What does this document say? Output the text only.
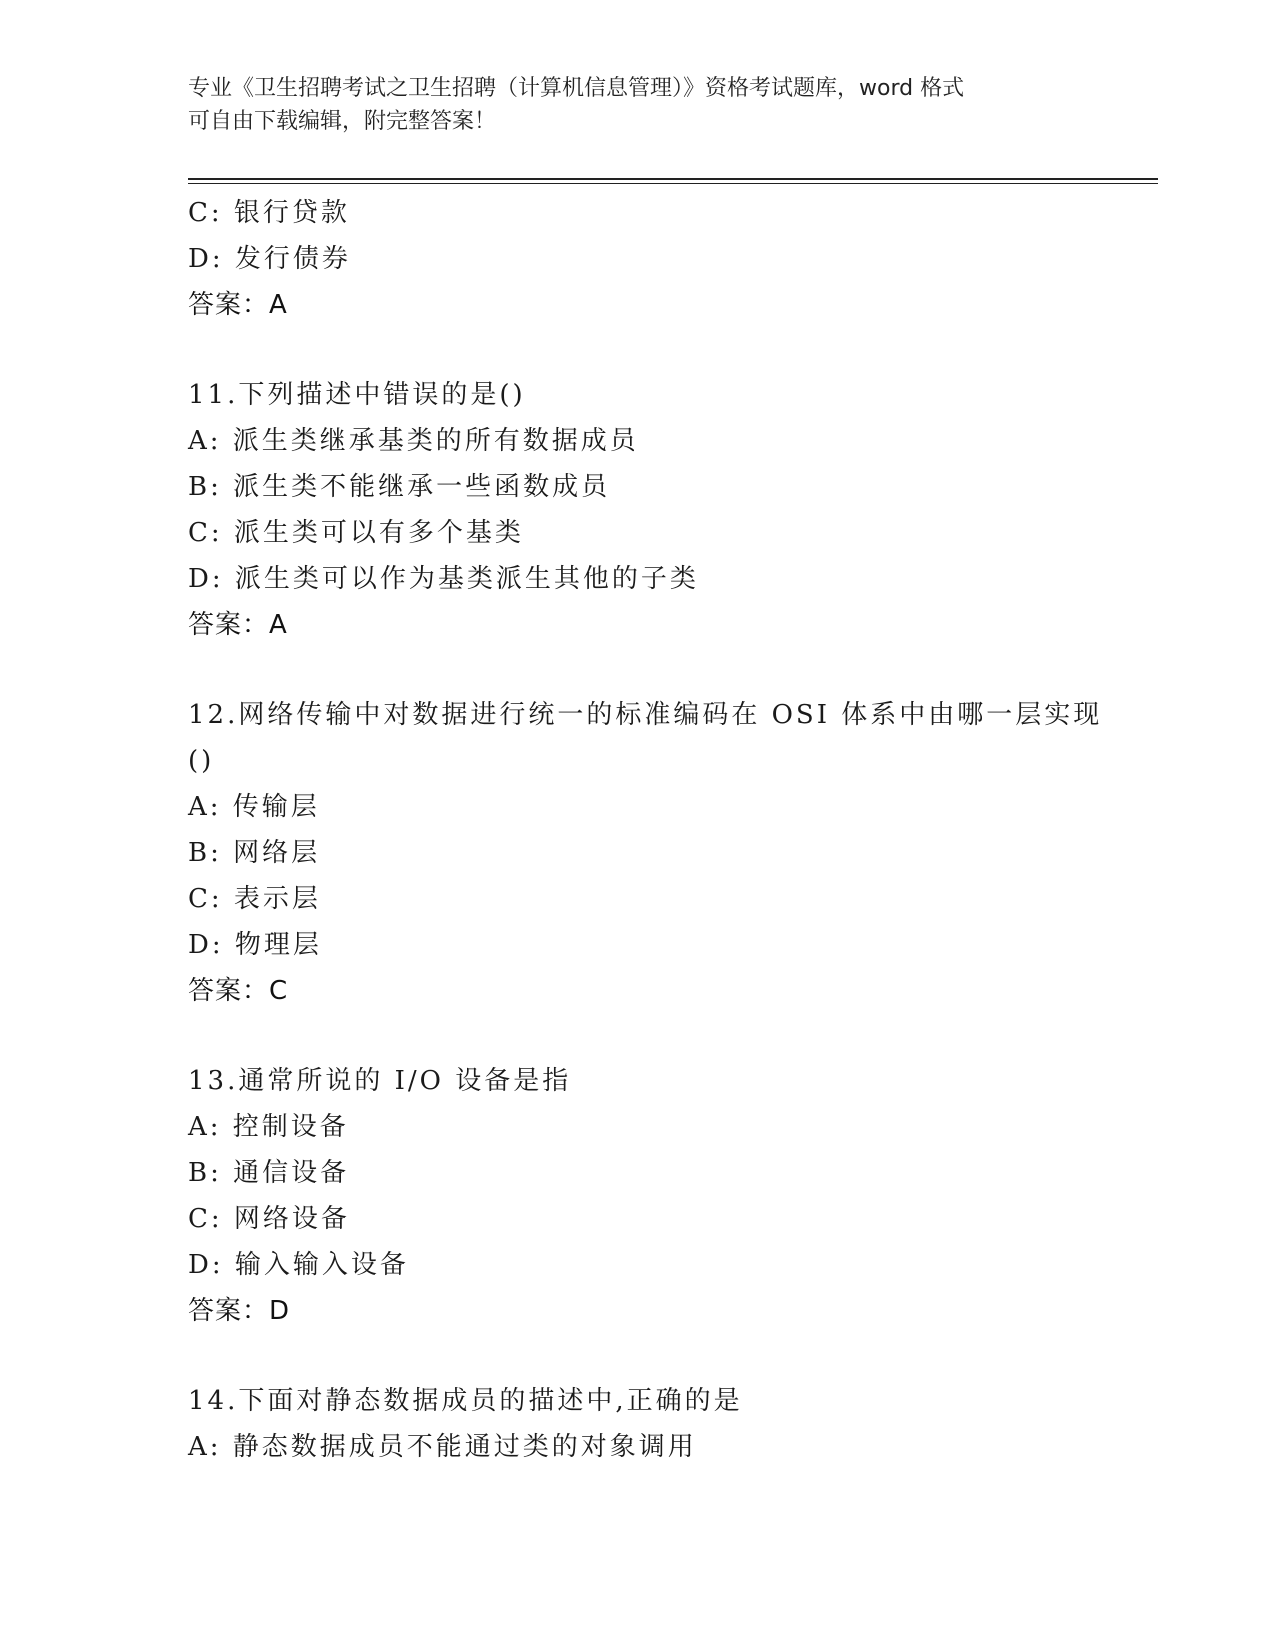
专业《卫生招聘考试之卫生招聘（计算机信息管理）》资格考试题库，word 格式
可自由下载编辑，附完整答案！
C: 银行贷款
D: 发行债券
答案：A
11.下列描述中错误的是()
A: 派生类继承基类的所有数据成员
B: 派生类不能继承一些函数成员
C: 派生类可以有多个基类
D: 派生类可以作为基类派生其他的子类
答案：A
12.网络传输中对数据进行统一的标准编码在 OSI 体系中由哪一层实现
()
A: 传输层
B: 网络层
C: 表示层
D: 物理层
答案：C
13.通常所说的 I/O 设备是指
A: 控制设备
B: 通信设备
C: 网络设备
D: 输入输入设备
答案：D
14.下面对静态数据成员的描述中,正确的是
A: 静态数据成员不能通过类的对象调用
